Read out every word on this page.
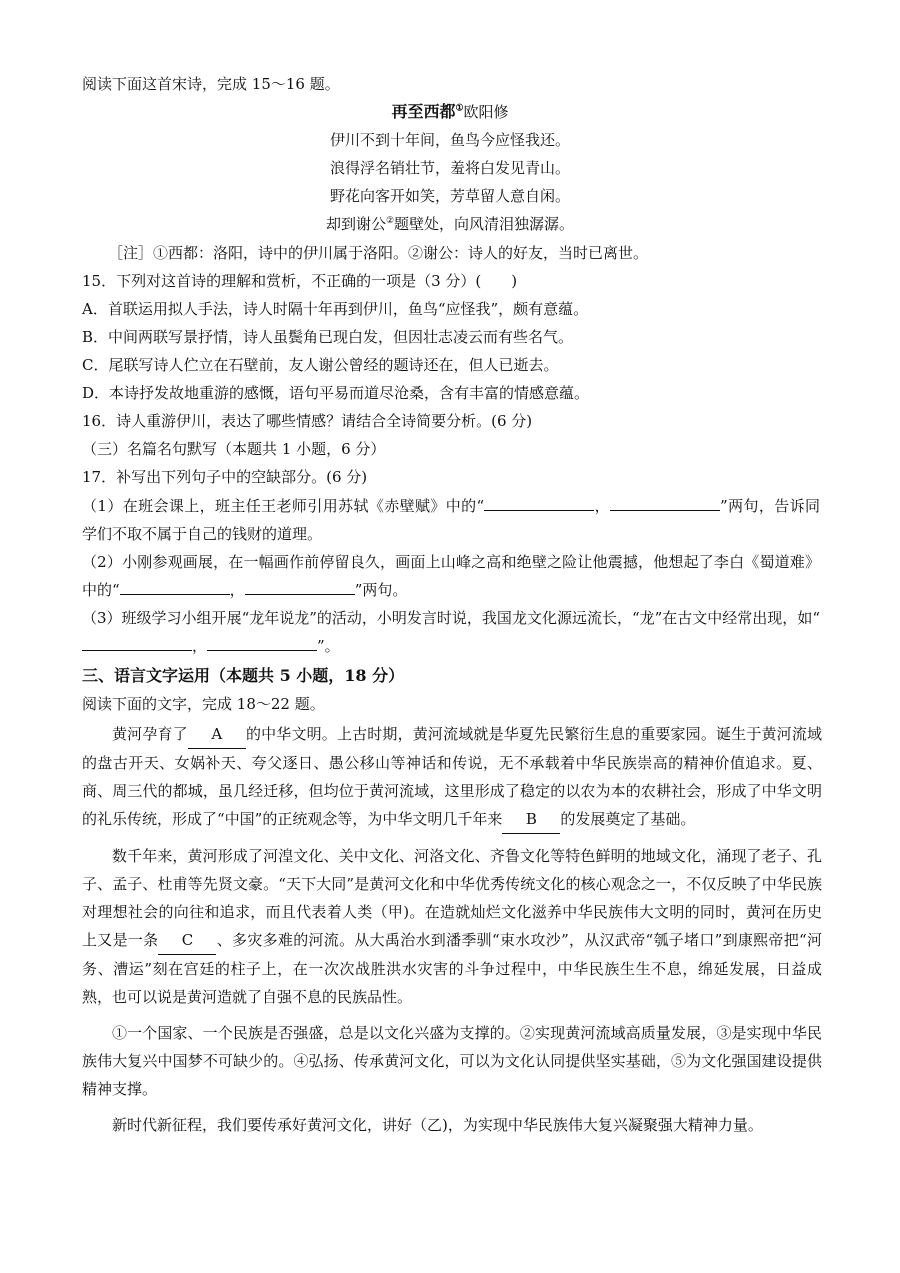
阅读下面这首宋诗，完成 15～16 题。
再至西都①欧阳修
伊川不到十年间，鱼鸟今应怪我还。
浪得浮名销壮节，羞将白发见青山。
野花向客开如笑，芳草留人意自闲。
却到谢公②题壁处，向风清泪独潺潺。
［注］①西都：洛阳，诗中的伊川属于洛阳。②谢公：诗人的好友，当时已离世。
15．下列对这首诗的理解和赏析，不正确的一项是（3 分）(　　)
A．首联运用拟人手法，诗人时隔十年再到伊川，鱼鸟“应怪我”，颇有意蕴。
B．中间两联写景抒情，诗人虽鬓角已现白发，但因壮志凌云而有些名气。
C．尾联写诗人伫立在石壁前，友人谢公曾经的题诗还在，但人已逝去。
D．本诗抒发故地重游的感慨，语句平易而道尽沧桑，含有丰富的情感意蕴。
16．诗人重游伊川，表达了哪些情感？请结合全诗简要分析。(6 分)
（三）名篇名句默写（本题共 1 小题，6 分）
17．补写出下列句子中的空缺部分。(6 分)
（1）在班会课上，班主任王老师引用苏轼《赤壁赋》中的“	，	”两句，告诉同学们不取不属于自己的钱财的道理。
（2）小刚参观画展，在一幅画作前停留良久，画面上山峰之高和绝壁之险让他震撼，他想起了李白《蜀道难》中的“	，	”两句。
（3）班级学习小组开展“龙年说龙”的活动，小明发言时说，我国龙文化源远流长，“龙”在古文中经常出现，如“，	”。
三、语言文字运用（本题共 5 小题，18 分）
阅读下面的文字，完成 18～22 题。

黄河孕育了 A 的中华文明。上古时期，黄河流域就是华夏先民繁衍生息的重要家园。诞生于黄河流域的盘古开天、女娲补天、夸父逐日、愚公移山等神话和传说，无不承载着中华民族崇高的精神价值追求。夏、商、周三代的都城，虽几经迁移，但均位于黄河流域，这里形成了稳定的以农为本的农耕社会，形成了中华文明的礼乐传统，形成了“中国”的正统观念等，为中华文明几千年来 B 的发展奠定了基础。

数千年来，黄河形成了河湟文化、关中文化、河洛文化、齐鲁文化等特色鲜明的地域文化，涌现了老子、孔子、孟子、杜甫等先贤文豪。“天下大同”是黄河文化和中华优秀传统文化的核心观念之一，不仅反映了中华民族对理想社会的向往和追求，而且代表着人类（甲)。在造就灿烂文化滋养中华民族伟大文明的同时，黄河在历史上又是一条 C 、多灾多难的河流。从大禹治水到潘季驯“束水攻沙”，从汉武帝“瓠子堵口”到康熙帝把“河务、漕运”刻在宫廷的柱子上，在一次次战胜洪水灾害的斗争过程中，中华民族生生不息，绵延发展，日益成熟，也可以说是黄河造就了自强不息的民族品性。

①一个国家、一个民族是否强盛，总是以文化兴盛为支撑的。②实现黄河流域高质量发展，③是实现中华民族伟大复兴中国梦不可缺少的。④弘扬、传承黄河文化，可以为文化认同提供坚实基础，⑤为文化强国建设提供精神支撑。

新时代新征程，我们要传承好黄河文化，讲好（乙)，为实现中华民族伟大复兴凝聚强大精神力量。
